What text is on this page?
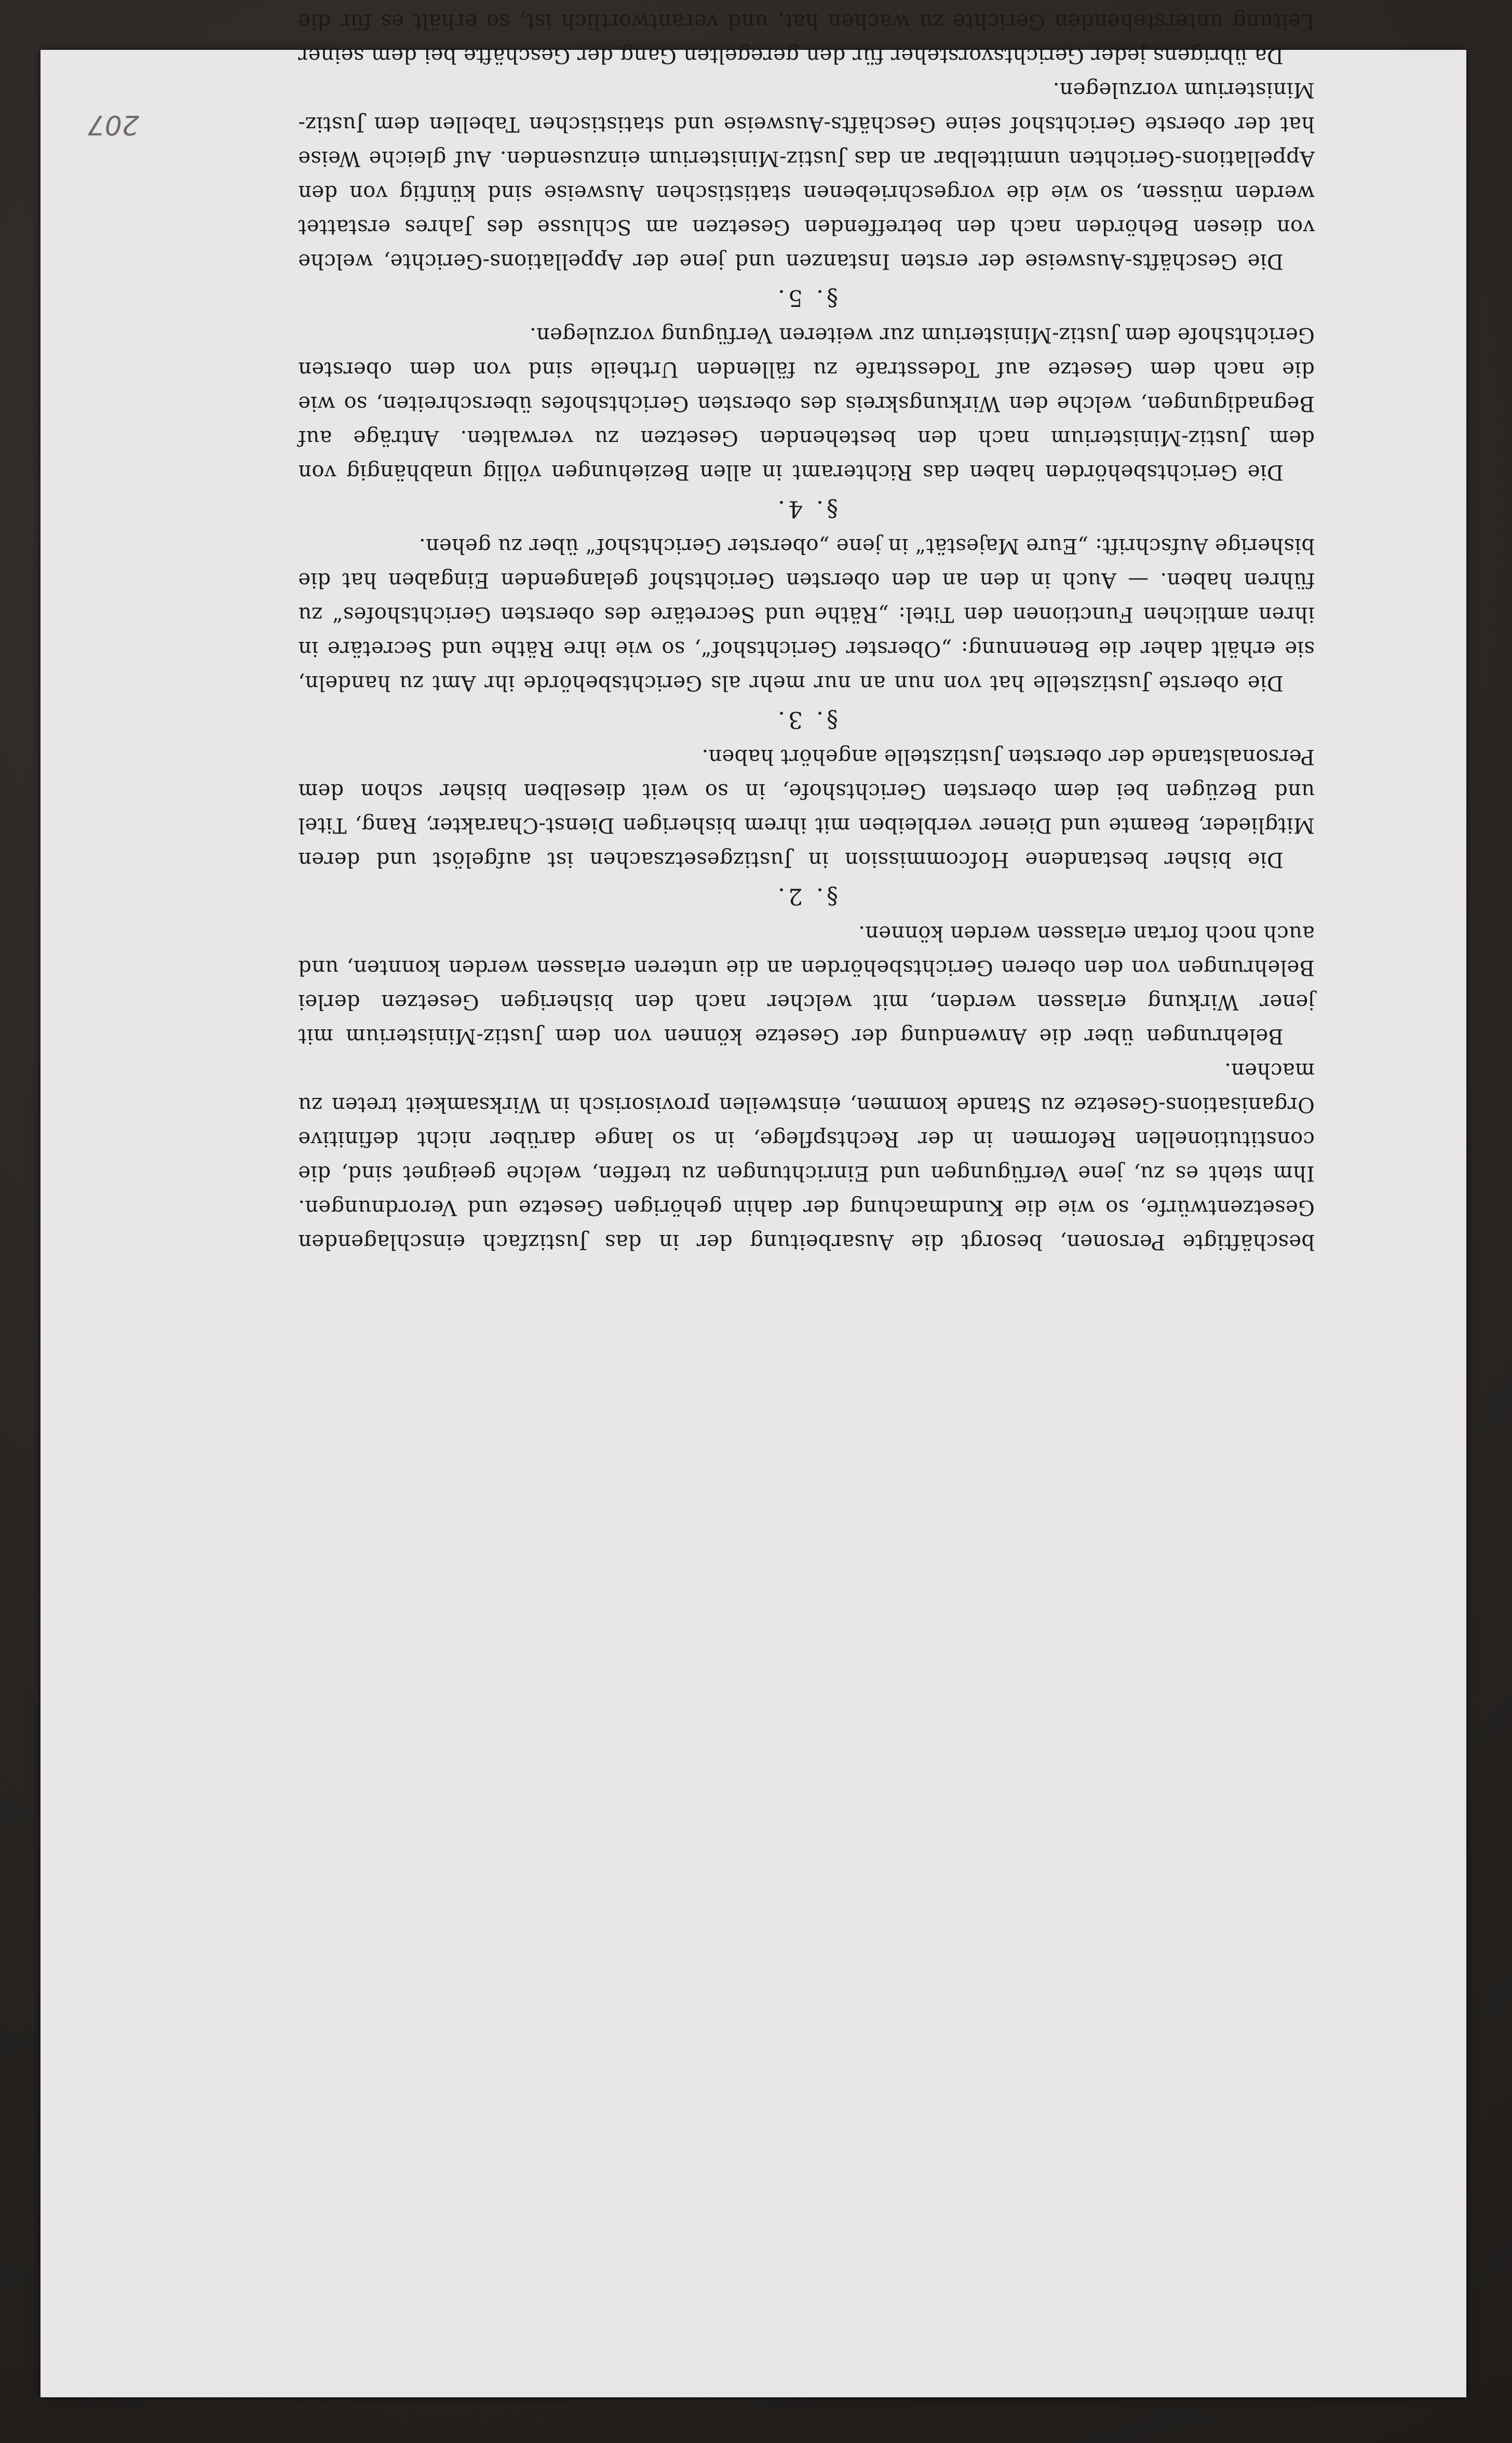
beschäftigte Personen, besorgt die Ausarbeitung der in das Justizfach einschlagenden Gesetzentwürfe, so wie die Kundmachung der dahin gehörigen Gesetze und Verordnungen. Ihm steht es zu, jene Verfügungen und Einrichtungen zu treffen, welche geeignet sind, die constitutionellen Reformen in der Rechtspflege, in so lange darüber nicht definitive Organisations-Gesetze zu Stande kommen, einstweilen provisorisch in Wirksamkeit treten zu machen.

Belehrungen über die Anwendung der Gesetze können von dem Justiz-Ministerium mit jener Wirkung erlassen werden, mit welcher nach den bisherigen Gesetzen derlei Belehrungen von den oberen Gerichtsbehörden an die unteren erlassen werden konnten, und auch noch fortan erlassen werden können.

§. 2.

Die bisher bestandene Hofcommission in Justizgesetzsachen ist aufgelöst und deren Mitglieder, Beamte und Diener verbleiben mit ihrem bisherigen Dienst-Charakter, Rang, Titel und Bezügen bei dem obersten Gerichtshofe, in so weit dieselben bisher schon dem Personalstande der obersten Justizstelle angehört haben.

§. 3.

Die oberste Justizstelle hat von nun an nur mehr als Gerichtsbehörde ihr Amt zu handeln, sie erhält daher die Benennung: „Oberster Gerichtshof“, so wie ihre Räthe und Secretäre in ihren amtlichen Functionen den Titel: „Räthe und Secretäre des obersten Gerichtshofes“ zu führen haben. — Auch in den an den obersten Gerichtshof gelangenden Eingaben hat die bisherige Aufschrift: „Eure Majestät“ in jene „oberster Gerichtshof“ über zu gehen.

§. 4.

Die Gerichtsbehörden haben das Richteramt in allen Beziehungen völlig unabhängig von dem Justiz-Ministerium nach den bestehenden Gesetzen zu verwalten. Anträge auf Begnadigungen, welche den Wirkungskreis des obersten Gerichtshofes überschreiten, so wie die nach dem Gesetze auf Todesstrafe zu fällenden Urtheile sind von dem obersten Gerichtshofe dem Justiz-Ministerium zur weiteren Verfügung vorzulegen.

§. 5.

Die Geschäfts-Ausweise der ersten Instanzen und jene der Appellations-Gerichte, welche von diesen Behörden nach den betreffenden Gesetzen am Schlusse des Jahres erstattet werden müssen, so wie die vorgeschriebenen statistischen Ausweise sind künftig von den Appellations-Gerichten unmittelbar an das Justiz-Ministerium einzusenden. Auf gleiche Weise hat der oberste Gerichtshof seine Geschäfts-Ausweise und statistischen Tabellen dem Justiz-Ministerium vorzulegen.

Da übrigens jeder Gerichtsvorsteher für den geregelten Gang der Geschäfte bei dem seiner Leitung unterstehenden Gerichte zu wachen hat, und verantwortlich ist, so erhält es für die

207
